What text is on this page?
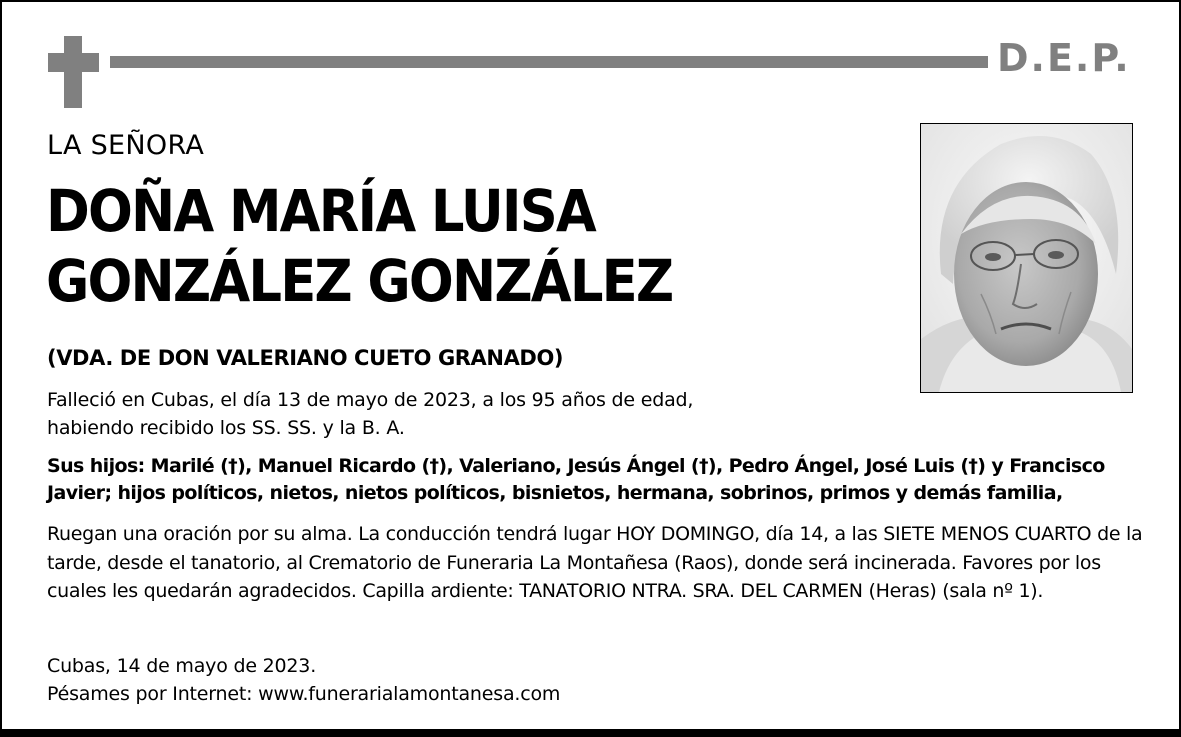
D.E.P.
LA SEÑORA
DOÑA MARÍA LUISA
GONZÁLEZ GONZÁLEZ
(VDA. DE DON VALERIANO CUETO GRANADO)
Falleció en Cubas, el día 13 de mayo de 2023, a los 95 años de edad,
habiendo recibido los SS. SS. y la B. A.
Sus hijos: Marilé (†), Manuel Ricardo (†), Valeriano, Jesús Ángel (†), Pedro Ángel, José Luis (†) y Francisco Javier; hijos políticos, nietos, nietos políticos, bisnietos, hermana, sobrinos, primos y demás familia,
Ruegan una oración por su alma. La conducción tendrá lugar HOY DOMINGO, día 14, a las SIETE MENOS CUARTO de la tarde, desde el tanatorio, al Crematorio de Funeraria La Montañesa (Raos), donde será incinerada. Favores por los cuales les quedarán agradecidos. Capilla ardiente: TANATORIO NTRA. SRA. DEL CARMEN (Heras) (sala nº 1).
Cubas, 14 de mayo de 2023.
Pésames por Internet: www.funerarialamontanesa.com
